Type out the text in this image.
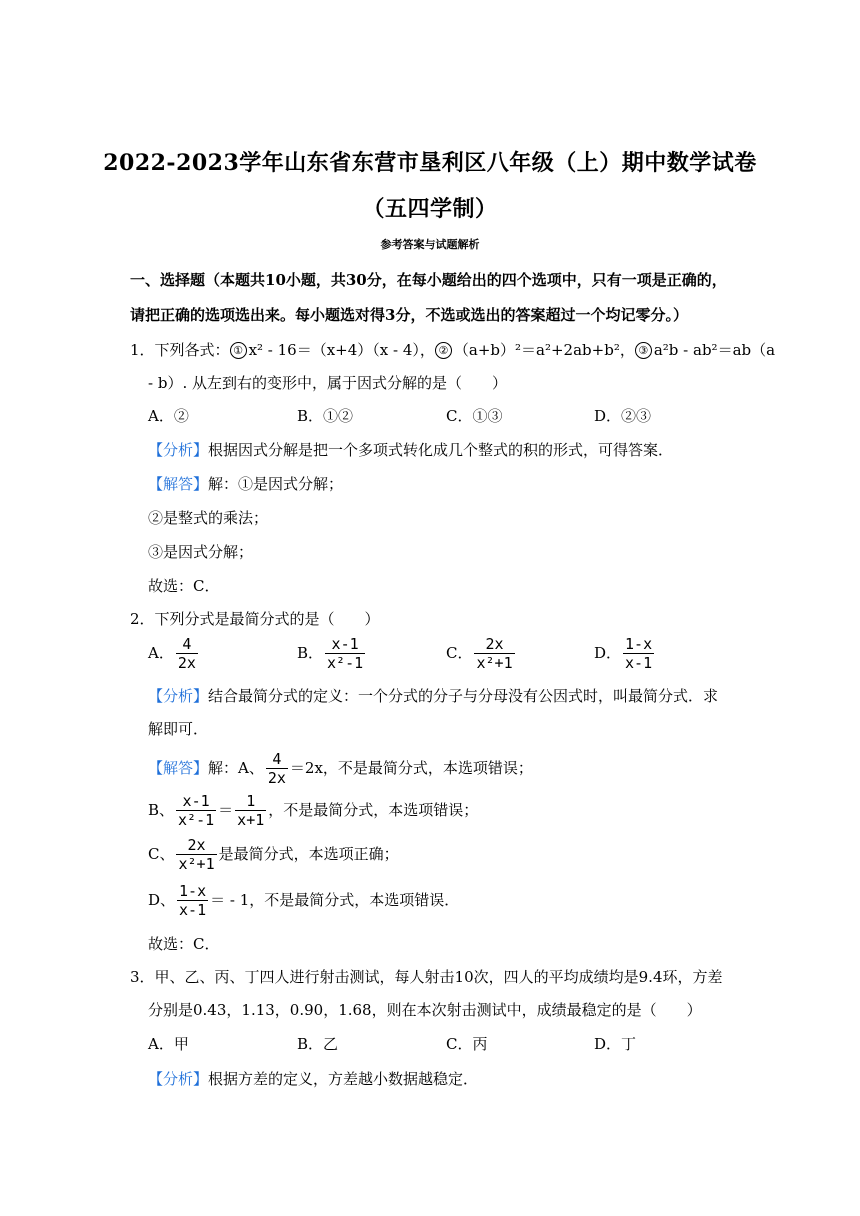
2022-2023学年山东省东营市垦利区八年级（上）期中数学试卷
（五四学制）
参考答案与试题解析
一、选择题（本题共10小题，共30分，在每小题给出的四个选项中，只有一项是正确的，
请把正确的选项选出来。每小题选对得3分，不选或选出的答案超过一个均记零分。）
1．下列各式： ① x² - 16＝（x+4）（x - 4）， ② （a+b）²＝a²+2ab+b²， ③ a²b - ab²＝ab（a
- b）. 从左到右的变形中，属于因式分解的是（　　）
A．②	B．①②	C．①③	D．②③
【分析】根据因式分解是把一个多项式转化成几个整式的积的形式，可得答案．
【解答】解：①是因式分解；
②是整式的乘法；
③是因式分解；
故选：C．
2．下列分式是最简分式的是（　　）
A． $\frac{4}{2x}$	B． $\frac{x-1}{\text{x²-1}}$	C． $\frac{2x}{\text{x²+1}}$	D． $\frac{1-x}{x-1}$
【分析】结合最简分式的定义：一个分式的分子与分母没有公因式时，叫最简分式．求
解即可．
【解答】解：A、 $\frac{4}{2x} =2x$，不是最简分式，本选项错误；
B、 $\frac{x-1}{\text{x²-1}} = \frac{1}{x+1}$ ，不是最简分式，本选项错误；
C、 $\frac{2x}{\text{x²+1}}$ 是最简分式，本选项正确；
D、 $\frac{1-x}{x-1}$ ＝ - 1，不是最简分式，本选项错误．
故选：C．
3．甲、乙、丙、丁四人进行射击测试，每人射击10次，四人的平均成绩均是9.4环，方差
分别是0.43，1.13，0.90，1.68，则在本次射击测试中，成绩最稳定的是（　　）
A．甲	B．乙	C．丙	D．丁
【分析】根据方差的定义，方差越小数据越稳定．
